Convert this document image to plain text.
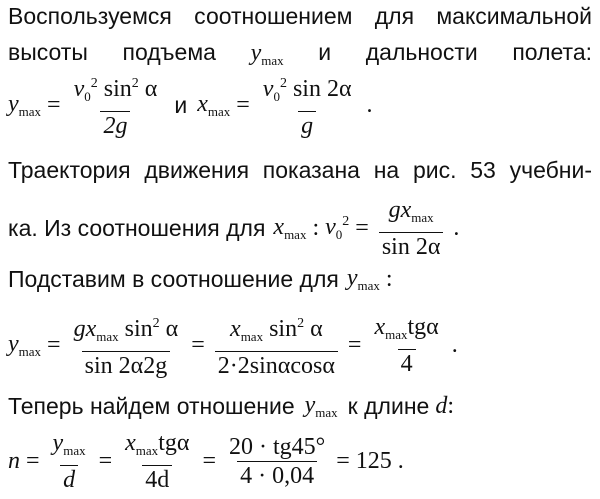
Воспользуемся соотношением для максимальной
высоты подъема $y_{max}$ и дальности полета:
$y_{max} = \frac{v_0^2 \sin^2 \alpha}{2g}$ и $x_{max} = \frac{v_0^2 \sin 2\alpha}{g}$ .
Траектория движения показана на рис. 53 учебни-
ка. Из соотношения для $x_{max}$ : $v_0^2 = \frac{gx_{max}}{\sin 2\alpha}$ .
Подставим в соотношение для $y_{max}$ :
$y_{max} = \frac{gx_{max} \sin^2 \alpha}{\sin 2\alpha 2g} = \frac{x_{max} \sin^2 \alpha}{2\cdot 2\sin\alpha\cos\alpha} = \frac{x_{max}tg\alpha}{4}$ .
Теперь найдем отношение $y_{max}$ к длине d :
$n = \frac{y_{max}}{d} = \frac{x_{max}tg\alpha}{4d} = \frac{20 \cdot tg45^\circ}{4 \cdot 0,04} = 125$ .
